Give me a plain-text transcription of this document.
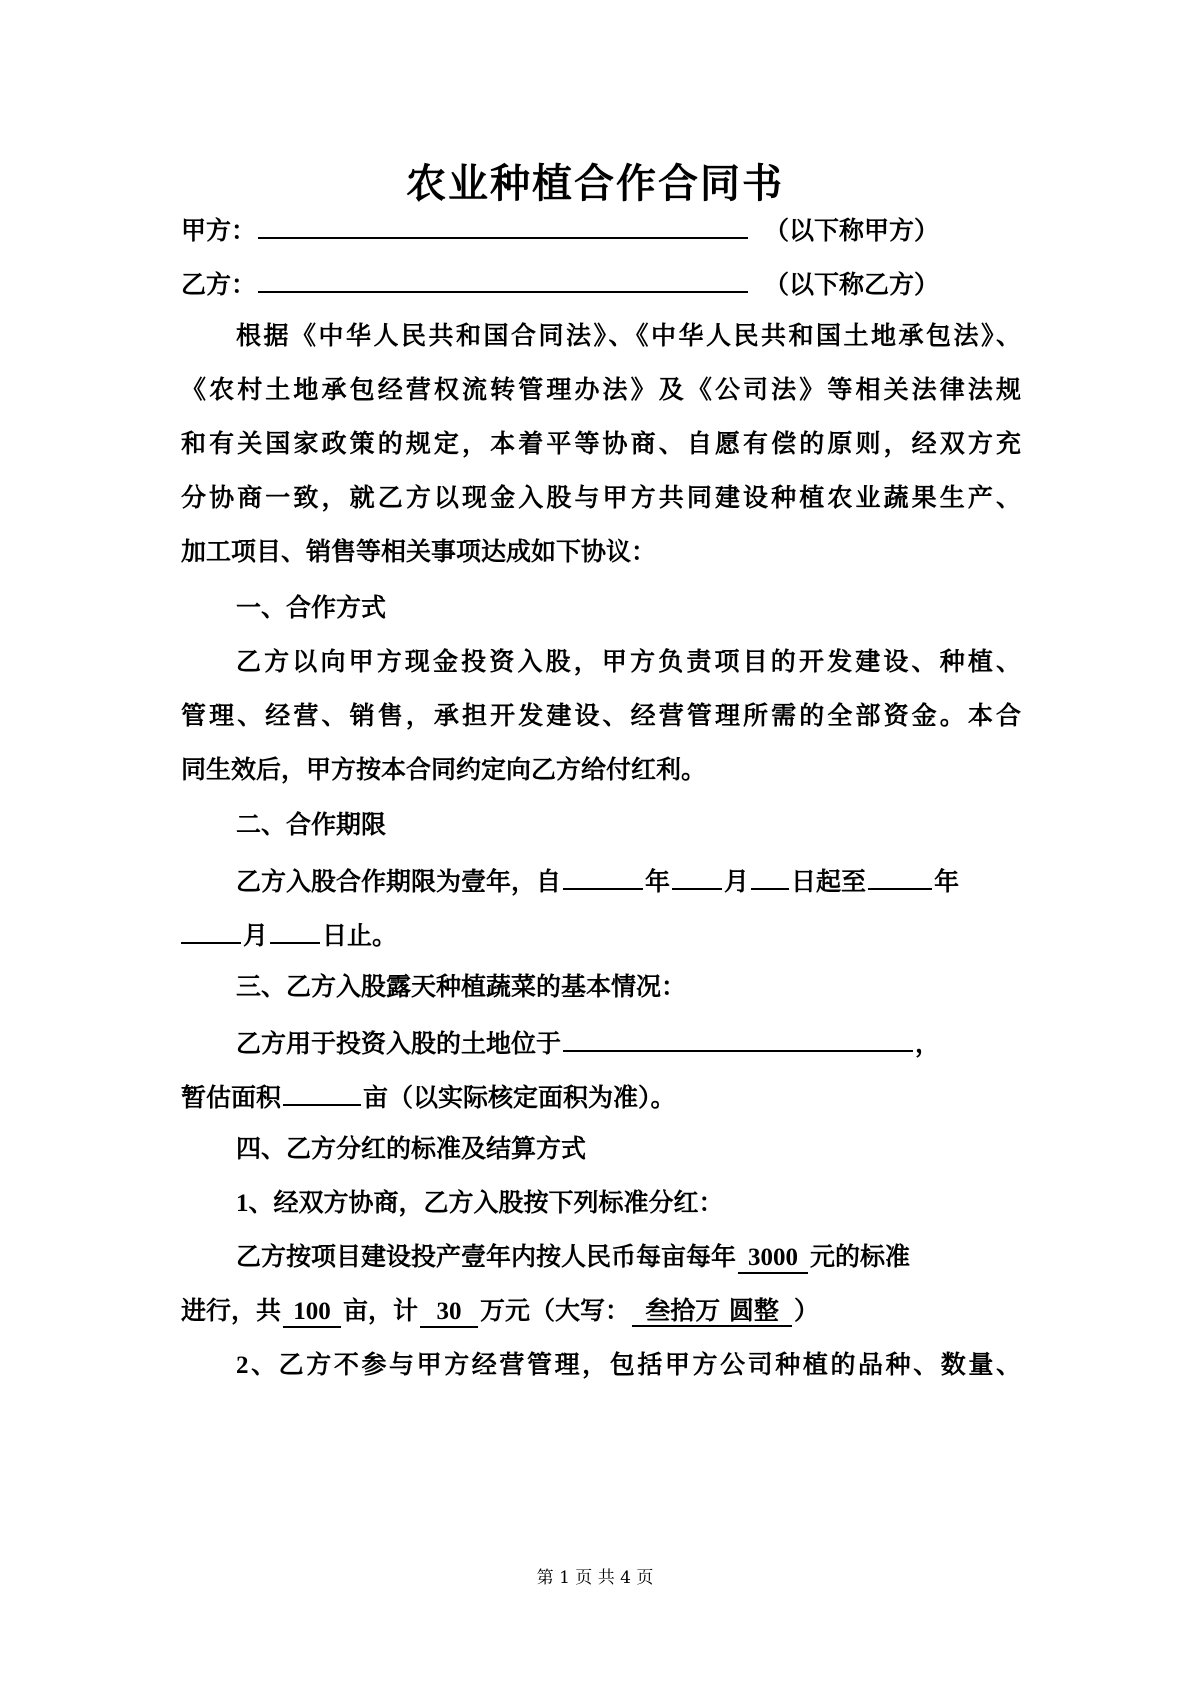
农业种植合作合同书
甲方：	（以下称甲方）
乙方：	（以下称乙方）
根据《中华人民共和国合同法》、《中华人民共和国土地承包法》、
《农村土地承包经营权流转管理办法》及《公司法》等相关法律法规
和有关国家政策的规定，本着平等协商、自愿有偿的原则，经双方充
分协商一致，就乙方以现金入股与甲方共同建设种植农业蔬果生产、
加工项目、销售等相关事项达成如下协议：
一、合作方式
乙方以向甲方现金投资入股，甲方负责项目的开发建设、种植、
管理、经营、销售，承担开发建设、经营管理所需的全部资金。本合
同生效后，甲方按本合同约定向乙方给付红利。
二、合作期限
乙方入股合作期限为壹年，自	年 月 日起至	年
月 日止。
三、乙方入股露天种植蔬菜的基本情况：
乙方用于投资入股的土地位于	，
暂估面积	亩（以实际核定面积为准）。
四、乙方分红的标准及结算方式
1、经双方协商，乙方入股按下列标准分红：
乙方按项目建设投产壹年内按人民币每亩每年 3000 元的标准
进行，共 100 亩，计 30 万元（大写： 叁拾万 圆整 ）
2、乙方不参与甲方经营管理，包括甲方公司种植的品种、数量、
第 1 页 共 4 页
